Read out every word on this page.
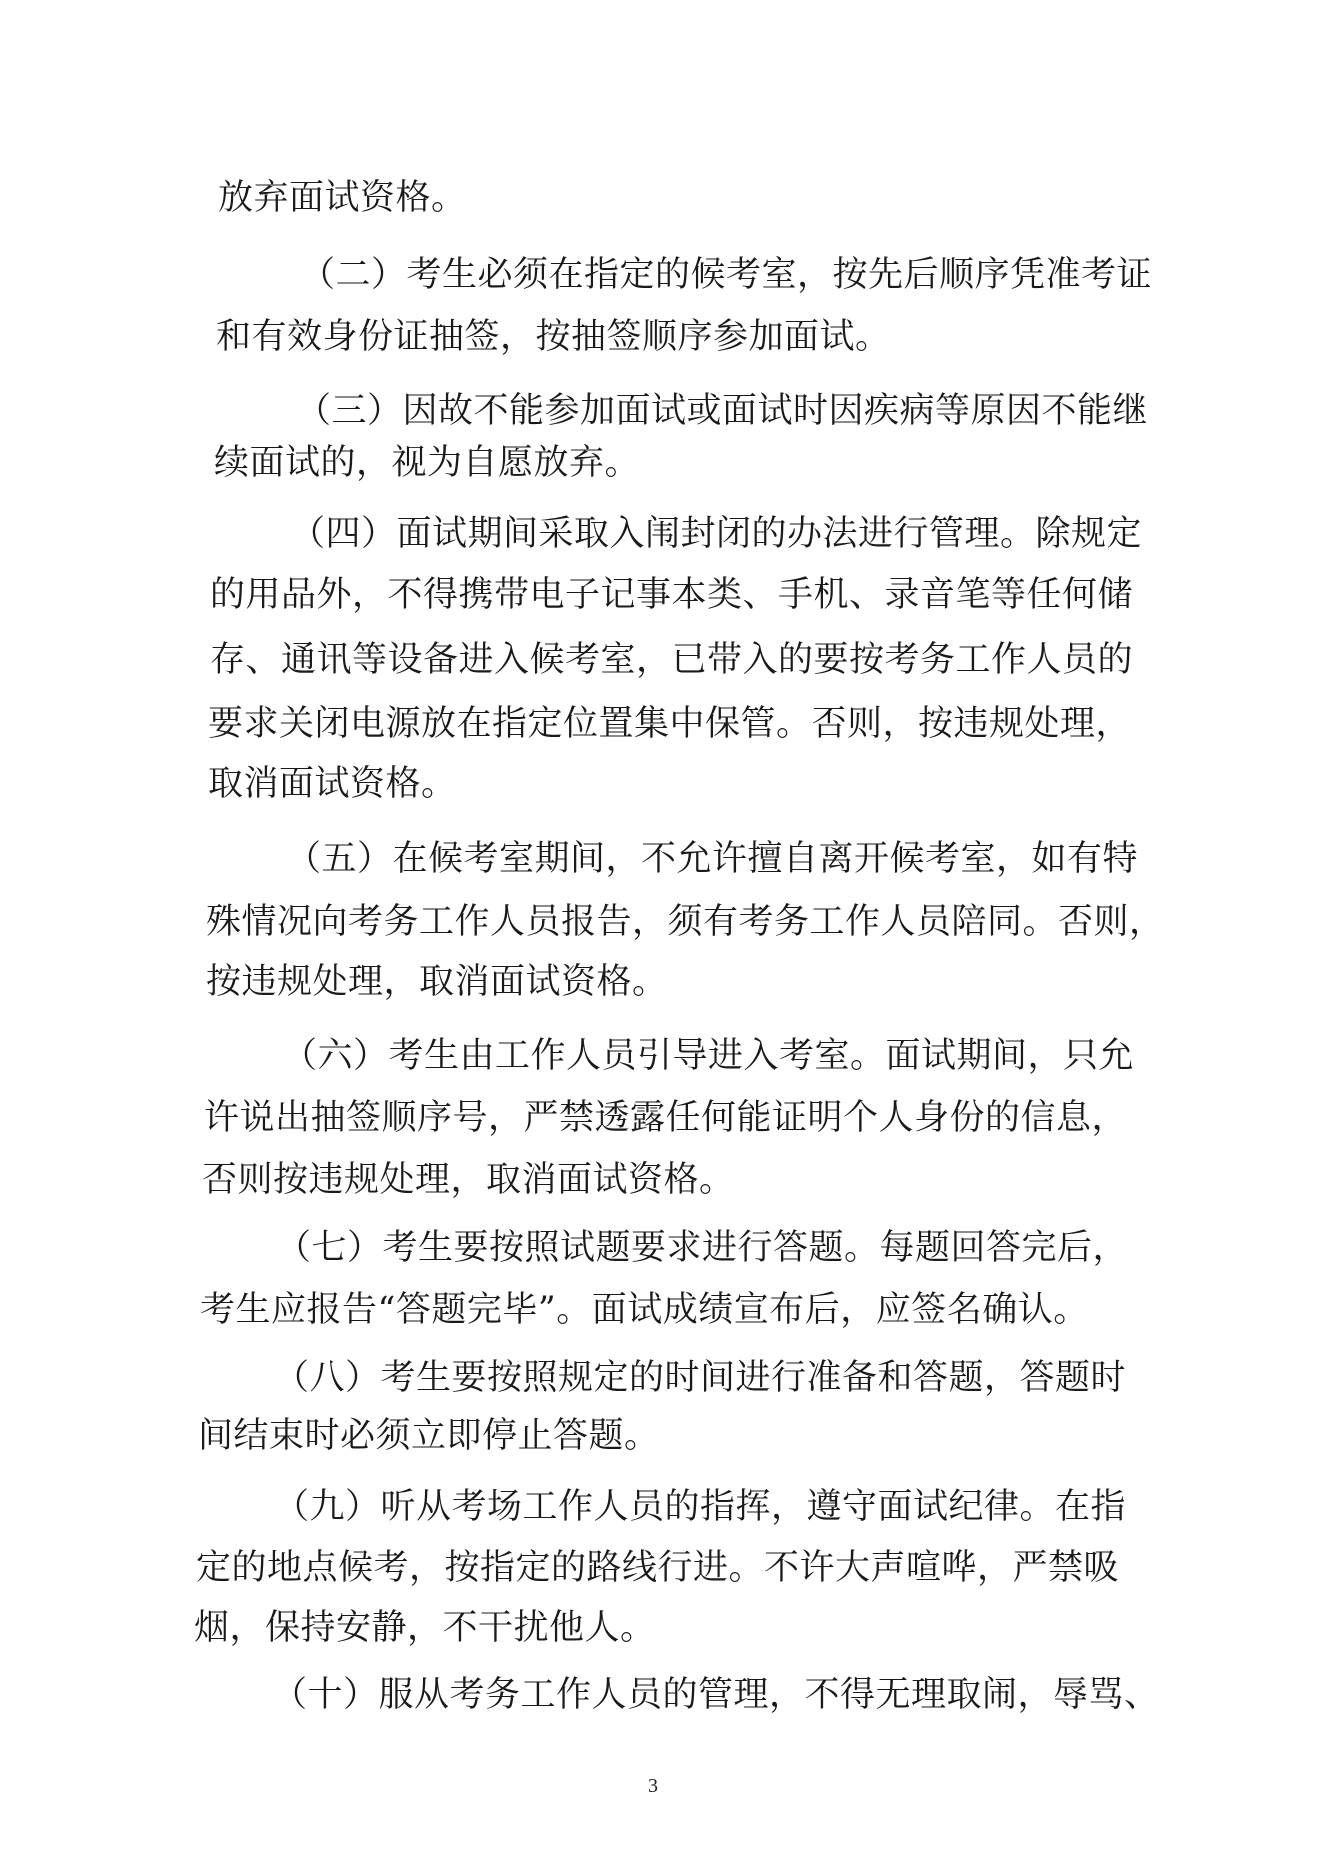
放弃面试资格。
（二）考生必须在指定的候考室，按先后顺序凭准考证
和有效身份证抽签，按抽签顺序参加面试。
（三）因故不能参加面试或面试时因疾病等原因不能继
续面试的，视为自愿放弃。
（四）面试期间采取入闱封闭的办法进行管理。除规定
的用品外，不得携带电子记事本类、手机、录音笔等任何储
存、通讯等设备进入候考室，已带入的要按考务工作人员的
要求关闭电源放在指定位置集中保管。否则，按违规处理，
取消面试资格。
（五）在候考室期间，不允许擅自离开候考室，如有特
殊情况向考务工作人员报告，须有考务工作人员陪同。否则，
按违规处理，取消面试资格。
（六）考生由工作人员引导进入考室。面试期间，只允
许说出抽签顺序号，严禁透露任何能证明个人身份的信息，
否则按违规处理，取消面试资格。
（七）考生要按照试题要求进行答题。每题回答完后，
考生应报告“答题完毕”。面试成绩宣布后，应签名确认。
（八）考生要按照规定的时间进行准备和答题，答题时
间结束时必须立即停止答题。
（九）听从考场工作人员的指挥，遵守面试纪律。在指
定的地点候考，按指定的路线行进。不许大声喧哗，严禁吸
烟，保持安静，不干扰他人。
（十）服从考务工作人员的管理，不得无理取闹，辱骂、
3
